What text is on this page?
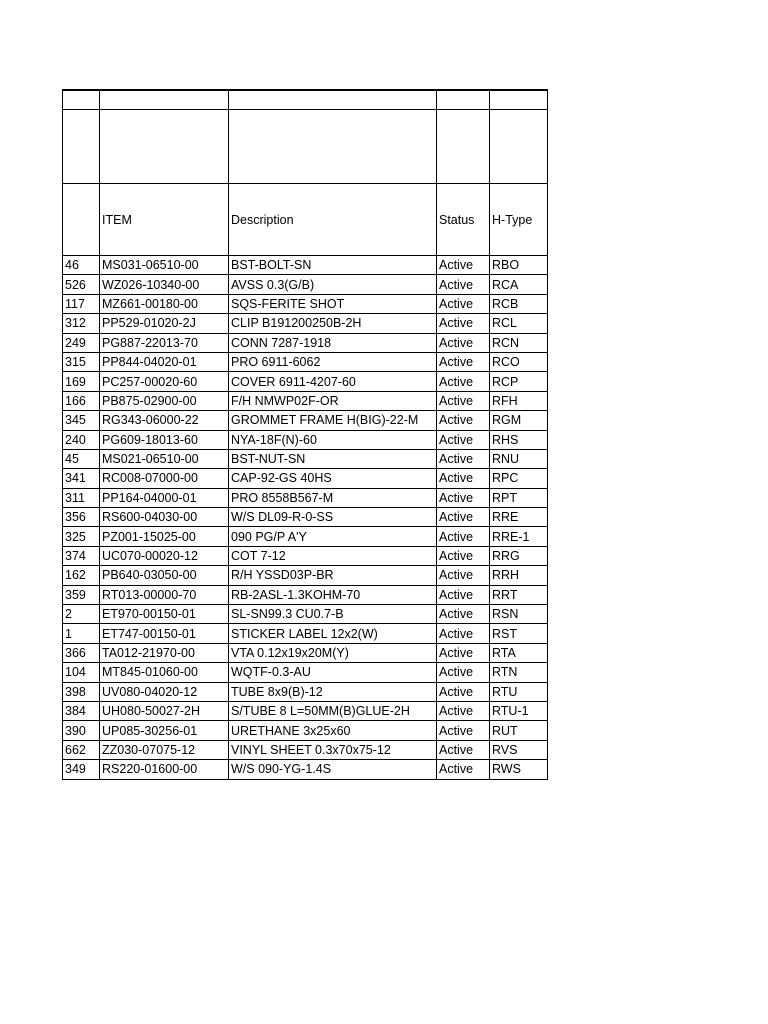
	ITEM	Description	Status	H-Type
46	MS031-06510-00	BST-BOLT-SN	Active	RBO
526	WZ026-10340-00	AVSS 0.3(G/B)	Active	RCA
117	MZ661-00180-00	SQS-FERITE SHOT	Active	RCB
312	PP529-01020-2J	CLIP B191200250B-2H	Active	RCL
249	PG887-22013-70	CONN 7287-1918	Active	RCN
315	PP844-04020-01	PRO 6911-6062	Active	RCO
169	PC257-00020-60	COVER 6911-4207-60	Active	RCP
166	PB875-02900-00	F/H NMWP02F-OR	Active	RFH
345	RG343-06000-22	GROMMET FRAME H(BIG)-22-M	Active	RGM
240	PG609-18013-60	NYA-18F(N)-60	Active	RHS
45	MS021-06510-00	BST-NUT-SN	Active	RNU
341	RC008-07000-00	CAP-92-GS 40HS	Active	RPC
311	PP164-04000-01	PRO 8558B567-M	Active	RPT
356	RS600-04030-00	W/S DL09-R-0-SS	Active	RRE
325	PZ001-15025-00	090 PG/P A'Y	Active	RRE-1
374	UC070-00020-12	COT 7-12	Active	RRG
162	PB640-03050-00	R/H YSSD03P-BR	Active	RRH
359	RT013-00000-70	RB-2ASL-1.3KOHM-70	Active	RRT
2	ET970-00150-01	SL-SN99.3 CU0.7-B	Active	RSN
1	ET747-00150-01	STICKER LABEL 12x2(W)	Active	RST
366	TA012-21970-00	VTA 0.12x19x20M(Y)	Active	RTA
104	MT845-01060-00	WQTF-0.3-AU	Active	RTN
398	UV080-04020-12	TUBE 8x9(B)-12	Active	RTU
384	UH080-50027-2H	S/TUBE 8 L=50MM(B)GLUE-2H	Active	RTU-1
390	UP085-30256-01	URETHANE 3x25x60	Active	RUT
662	ZZ030-07075-12	VINYL SHEET 0.3x70x75-12	Active	RVS
349	RS220-01600-00	W/S 090-YG-1.4S	Active	RWS
